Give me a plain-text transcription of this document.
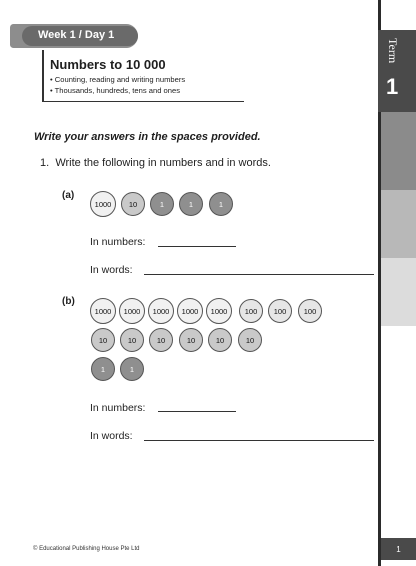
Term
1
1
Week 1 / Day 1
Numbers to 10 000
• Counting, reading and writing numbers
• Thousands, hundreds, tens and ones
Write your answers in the spaces provided.
1. Write the following in numbers and in words.
(a)
1000	10	1	1	1
In numbers:
In words:
(b)
1000	1000	1000	1000	1000	100	100	100
10	10	10	10	10	10
1	1
In numbers:
In words:
© Educational Publishing House Pte Ltd
